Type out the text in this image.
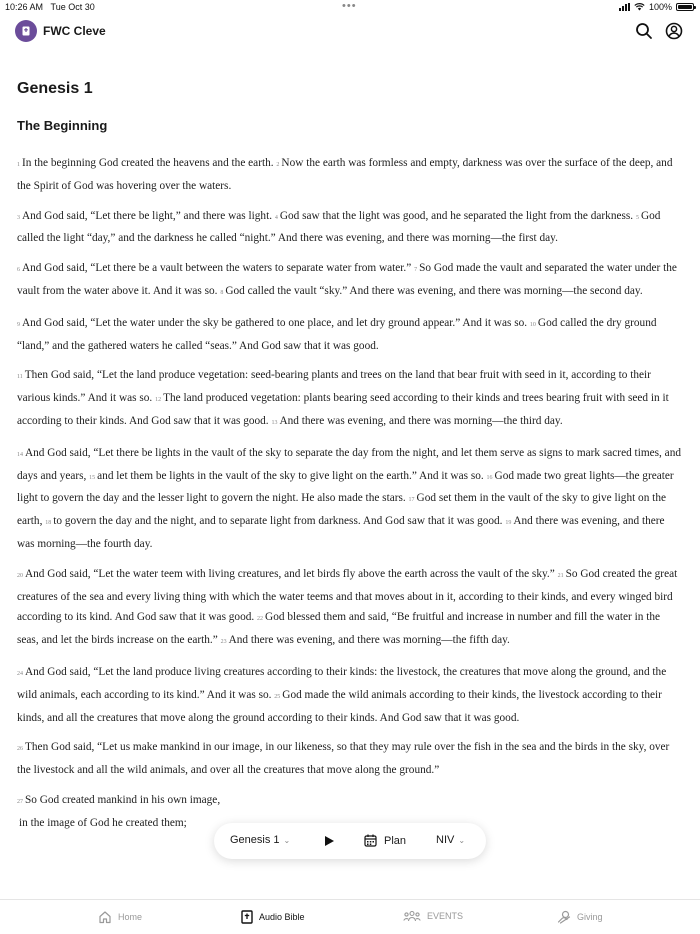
10:26 AM Tue Oct 30	•••	100%
FWC Cleve
Genesis 1
The Beginning
1 In the beginning God created the heavens and the earth. 2 Now the earth was formless and empty, darkness was over the surface of the deep, and the Spirit of God was hovering over the waters.
3 And God said, “Let there be light,” and there was light. 4 God saw that the light was good, and he separated the light from the darkness. 5 God called the light “day,” and the darkness he called “night.” And there was evening, and there was morning—the first day.
6 And God said, “Let there be a vault between the waters to separate water from water.” 7 So God made the vault and separated the water under the vault from the water above it. And it was so. 8 God called the vault “sky.” And there was evening, and there was morning—the second day.
9 And God said, “Let the water under the sky be gathered to one place, and let dry ground appear.” And it was so. 10 God called the dry ground “land,” and the gathered waters he called “seas.” And God saw that it was good.
11 Then God said, “Let the land produce vegetation: seed-bearing plants and trees on the land that bear fruit with seed in it, according to their various kinds.” And it was so. 12 The land produced vegetation: plants bearing seed according to their kinds and trees bearing fruit with seed in it according to their kinds. And God saw that it was good. 13 And there was evening, and there was morning—the third day.
14 And God said, “Let there be lights in the vault of the sky to separate the day from the night, and let them serve as signs to mark sacred times, and days and years, 15 and let them be lights in the vault of the sky to give light on the earth.” And it was so. 16 God made two great lights—the greater light to govern the day and the lesser light to govern the night. He also made the stars. 17 God set them in the vault of the sky to give light on the earth, 18 to govern the day and the night, and to separate light from darkness. And God saw that it was good. 19 And there was evening, and there was morning—the fourth day.
20 And God said, “Let the water teem with living creatures, and let birds fly above the earth across the vault of the sky.” 21 So God created the great creatures of the sea and every living thing with which the water teems and that moves about in it, according to their kinds, and every winged bird according to its kind. And God saw that it was good. 22 God blessed them and said, “Be fruitful and increase in number and fill the water in the seas, and let the birds increase on the earth.” 23 And there was evening, and there was morning—the fifth day.
24 And God said, “Let the land produce living creatures according to their kinds: the livestock, the creatures that move along the ground, and the wild animals, each according to its kind.” And it was so. 25 God made the wild animals according to their kinds, the livestock according to their kinds, and all the creatures that move along the ground according to their kinds. And God saw that it was good.
26 Then God said, “Let us make mankind in our image, in our likeness, so that they may rule over the fish in the sea and the birds in the sky, over the livestock and all the wild animals, and over all the creatures that move along the ground.”
27 So God created mankind in his own image,
in the image of God he created them;
Genesis 1 ⌄	Plan	NIV ⌄
Home	Audio Bible	EVENTS	Giving
